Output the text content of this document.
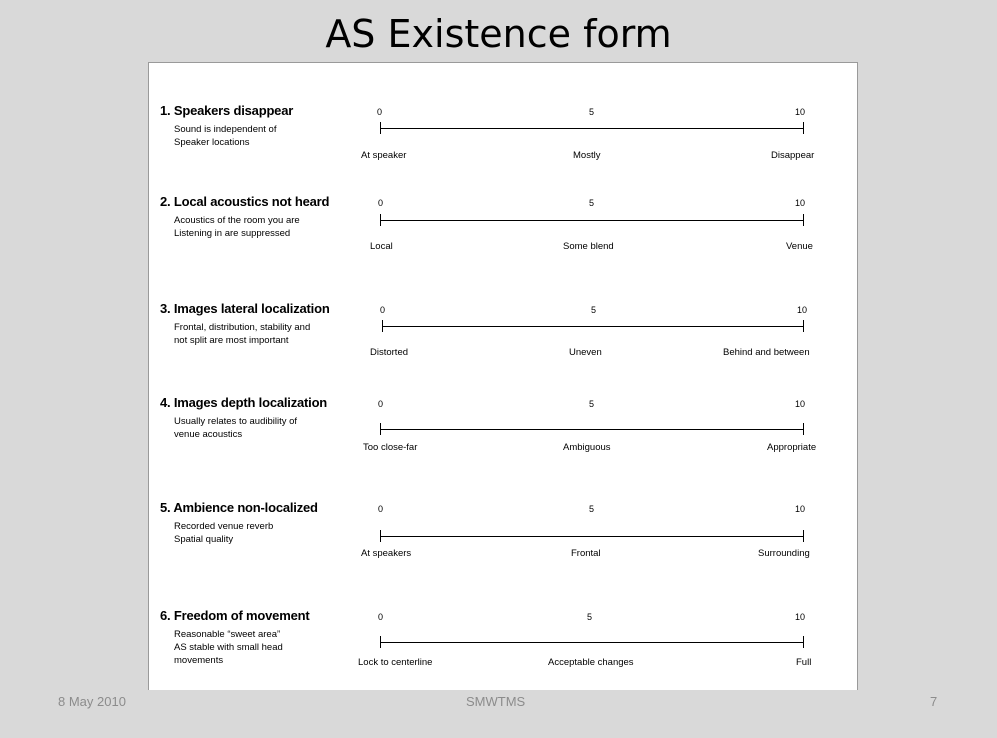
AS Existence form
1. Speakers disappear
Sound is independent of
Speaker locations
0	5	10
At speaker	Mostly	Disappear
2. Local acoustics not heard
Acoustics of the room you are
Listening in are suppressed
0	5	10
Local	Some blend	Venue
3. Images lateral localization
Frontal, distribution, stability and
not split are most important
0	5	10
Distorted	Uneven	Behind and between
4. Images depth localization
Usually relates to audibility of
venue acoustics
0	5	10
Too close-far	Ambiguous	Appropriate
5. Ambience non-localized
Recorded venue reverb
Spatial quality
0	5	10
At speakers	Frontal	Surrounding
6. Freedom of movement
Reasonable “sweet area”
AS stable with small head
movements
0	5	10
Lock to centerline	Acceptable changes	Full
8 May 2010	SMWTMS	7
